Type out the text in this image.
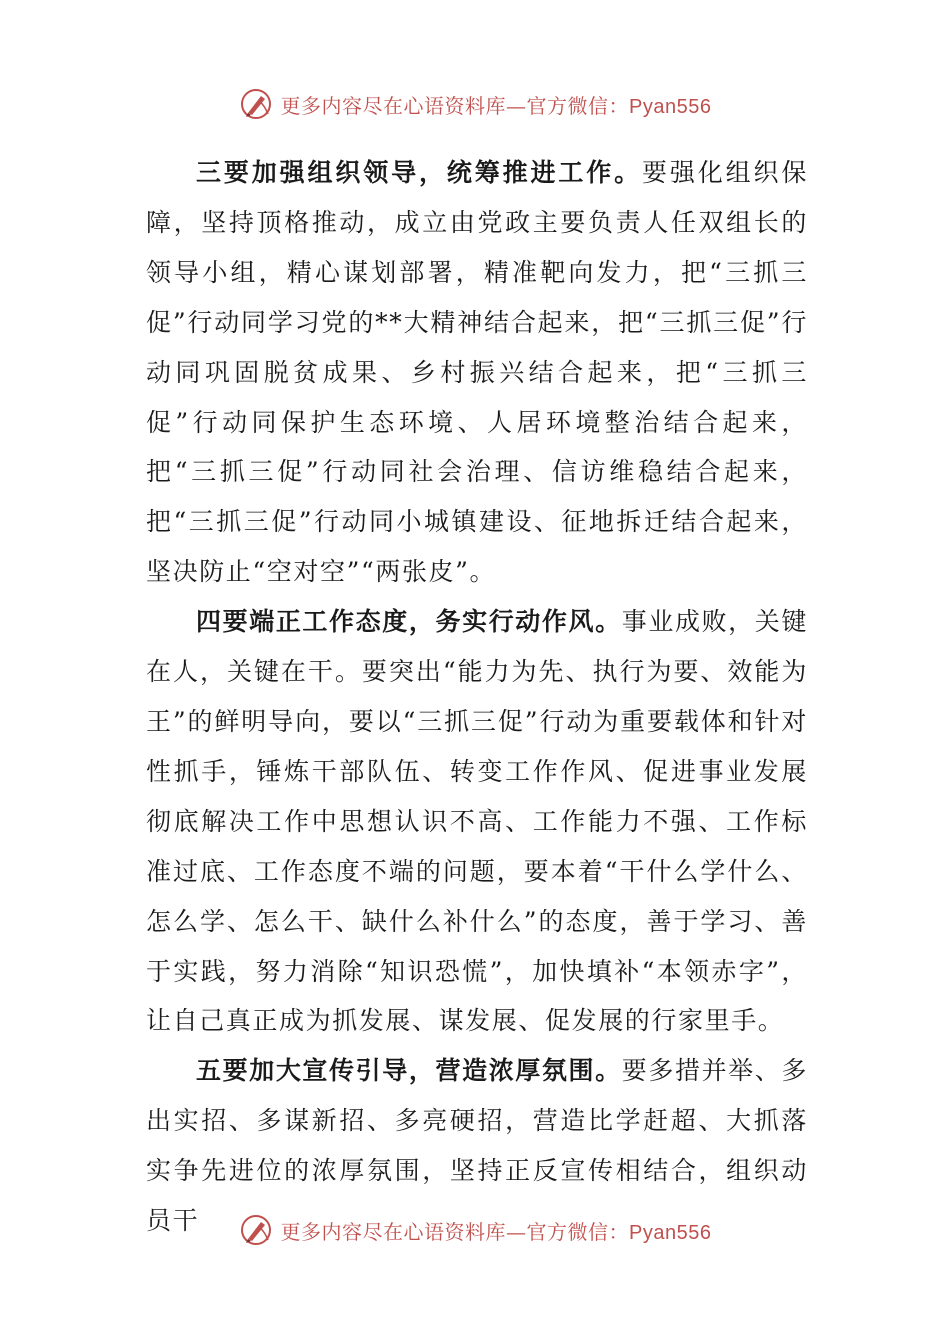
更多内容尽在心语资料库—官方微信：Pyan556

三要加强组织领导，统筹推进工作。要强化组织保障，坚持顶格推动，成立由党政主要负责人任双组长的领导小组，精心谋划部署，精准靶向发力，把“三抓三促”行动同学习党的**大精神结合起来，把“三抓三促”行动同巩固脱贫成果、乡村振兴结合起来，把“三抓三促”行动同保护生态环境、人居环境整治结合起来，把“三抓三促”行动同社会治理、信访维稳结合起来，把“三抓三促”行动同小城镇建设、征地拆迁结合起来，坚决防止“空对空”“两张皮”。

四要端正工作态度，务实行动作风。事业成败，关键在人，关键在干。要突出“能力为先、执行为要、效能为王”的鲜明导向，要以“三抓三促”行动为重要载体和针对性抓手，锤炼干部队伍、转变工作作风、促进事业发展彻底解决工作中思想认识不高、工作能力不强、工作标准过底、工作态度不端的问题，要本着“干什么学什么、怎么学、怎么干、缺什么补什么”的态度，善于学习、善于实践，努力消除“知识恐慌”，加快填补“本领赤字”，让自己真正成为抓发展、谋发展、促发展的行家里手。

五要加大宣传引导，营造浓厚氛围。要多措并举、多出实招、多谋新招、多亮硬招，营造比学赶超、大抓落实争先进位的浓厚氛围，坚持正反宣传相结合，组织动员干	更多内容尽在心语资料库—官方微信：Pyan556
